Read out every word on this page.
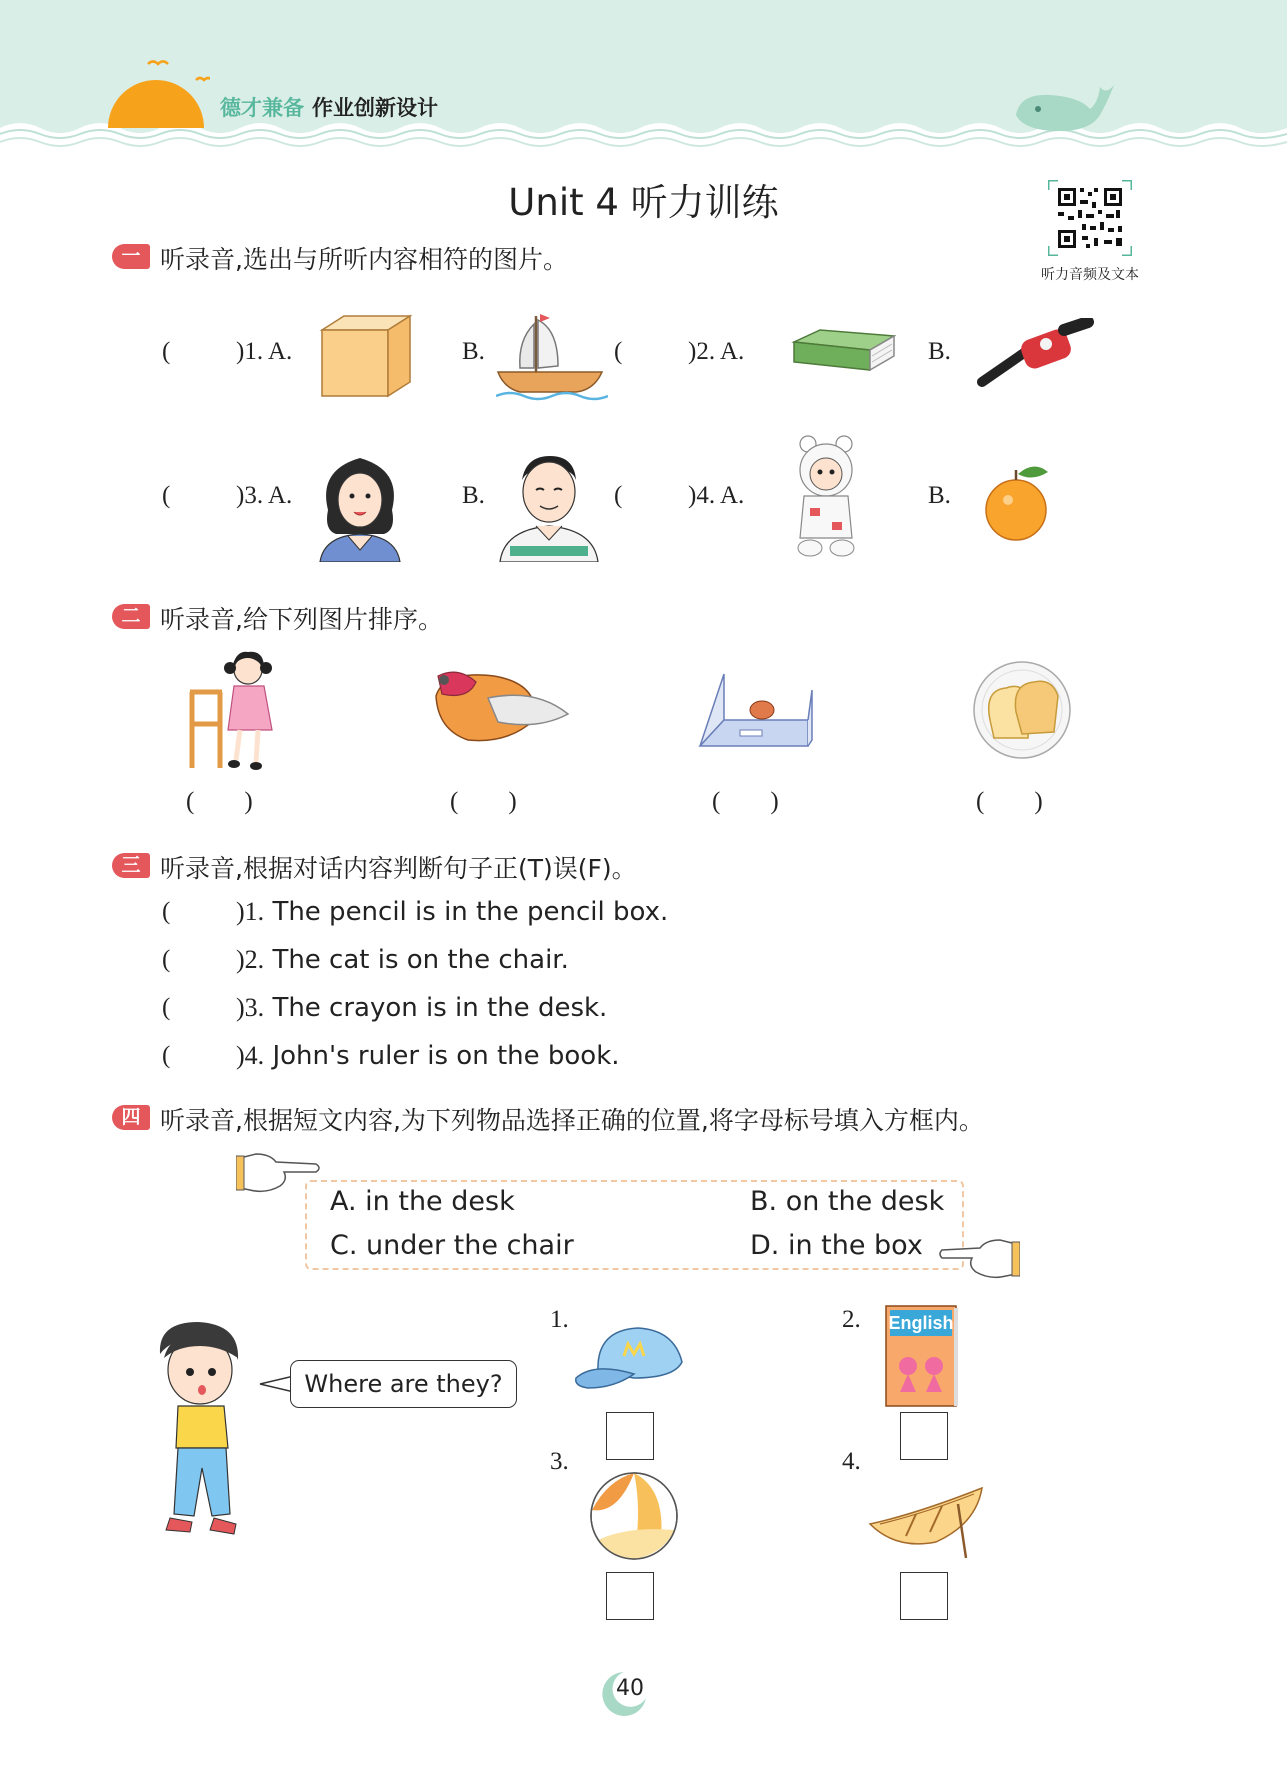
德才兼备 作业创新设计
Unit 4 听力训练
听力音频及文本
一 听录音,选出与所听内容相符的图片。
(	)1. A.	B.	(	)2. A.	B.
(	)3. A.	B.	(	)4. A.	B.
二 听录音,给下列图片排序。
(        )	(        )	(        )	(        )
三 听录音,根据对话内容判断句子正(T)误(F)。
(	)1. The pencil is in the pencil box.
(	)2. The cat is on the chair.
(	)3. The crayon is in the desk.
(	)4. John's ruler is on the book.
四 听录音,根据短文内容,为下列物品选择正确的位置,将字母标号填入方框内。
A. in the desk	B. on the desk
C. under the chair	D. in the box
Where are they?
1.	2. English
3.	4.
40
